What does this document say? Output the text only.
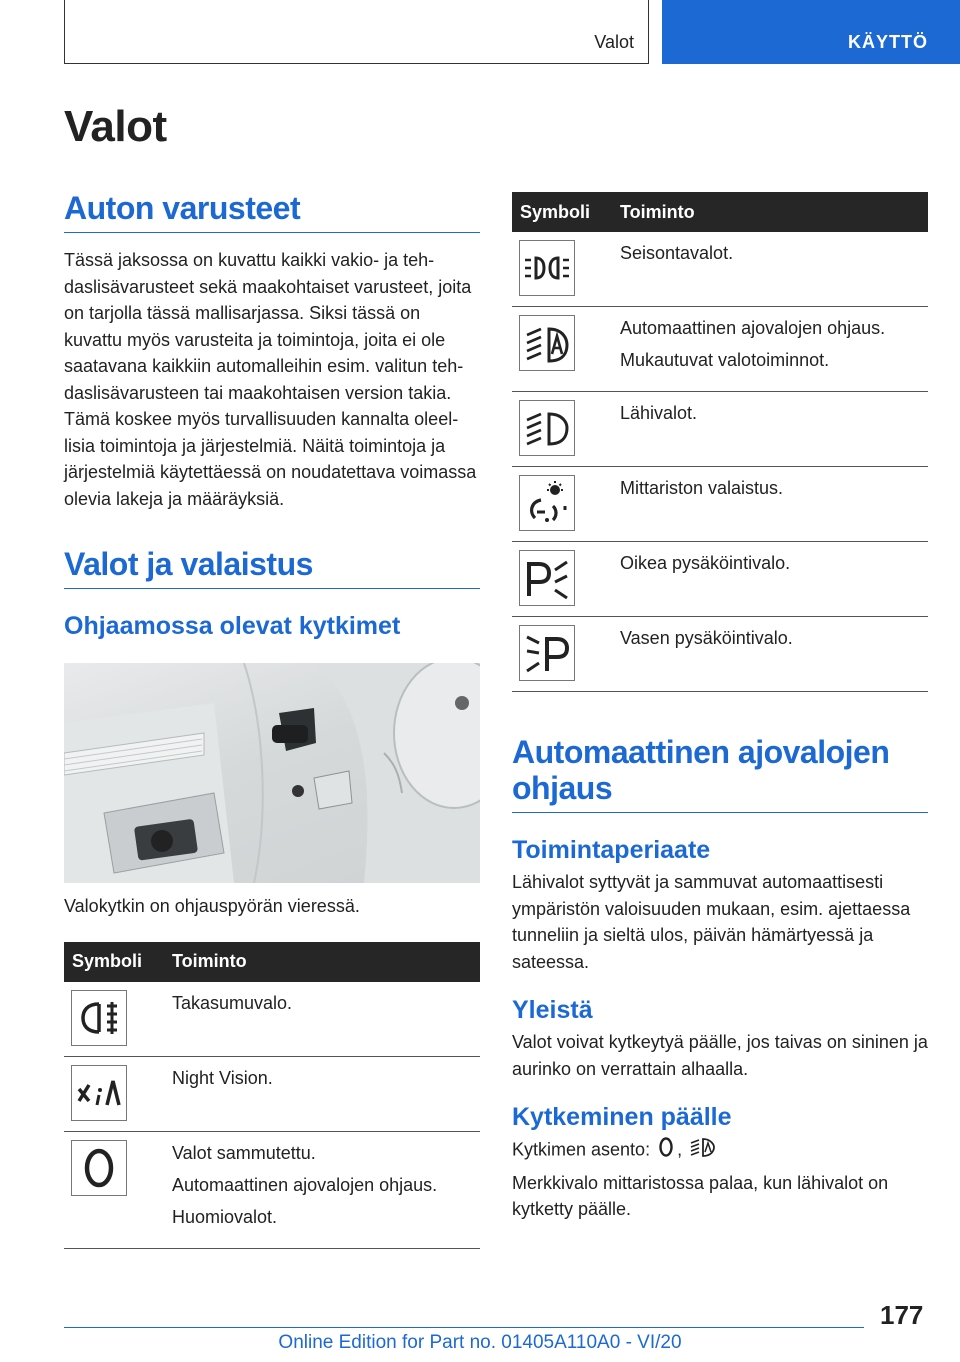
Valot	KÄYTTÖ
Valot
Auton varusteet

Tässä jaksossa on kuvattu kaikki vakio- ja tehdaslisävarusteet sekä maakohtaiset varusteet, joita on tarjolla tässä mallisarjassa. Siksi tässä on kuvattu myös varusteita ja toimintoja, joita ei ole saatavana kaikkiin automalleihin esim. valitun tehdaslisävarusteen tai maakohtaisen version takia. Tämä koskee myös turvallisuuden kannalta oleellisia toimintoja ja järjestelmiä. Näitä toimintoja ja järjestelmiä käytettäessä on noudatettava voimassa olevia lakeja ja määräyksiä.

Valot ja valaistus
Ohjaamossa olevat kytkimet

Valokytkin on ohjauspyörän vieressä.

Symboli	Toiminto

Takasumuvalo.

Night Vision.

Valot sammutettu.
Automaattinen ajovalojen ohjaus.
Huomiovalot.
Symboli	Toiminto

Seisontavalot.

Automaattinen ajovalojen ohjaus.
Mukautuvat valotoiminnot.

Lähivalot.

Mittariston valaistus.

Oikea pysäköintivalo.

Vasen pysäköintivalo.
Automaattinen ajovalojen ohjaus
Toimintaperiaate

Lähivalot syttyvät ja sammuvat automaattisesti ympäristön valoisuuden mukaan, esim. ajettaessa tunneliin ja sieltä ulos, päivän hämärtyessä ja sateessa.

Yleistä

Valot voivat kytkeytyä päälle, jos taivas on sininen ja aurinko on verrattain alhaalla.

Kytkeminen päälle

Kytkimen asento: ,

Merkkivalo mittaristossa palaa, kun lähivalot on kytketty päälle.

177
Online Edition for Part no. 01405A110A0 - VI/20
